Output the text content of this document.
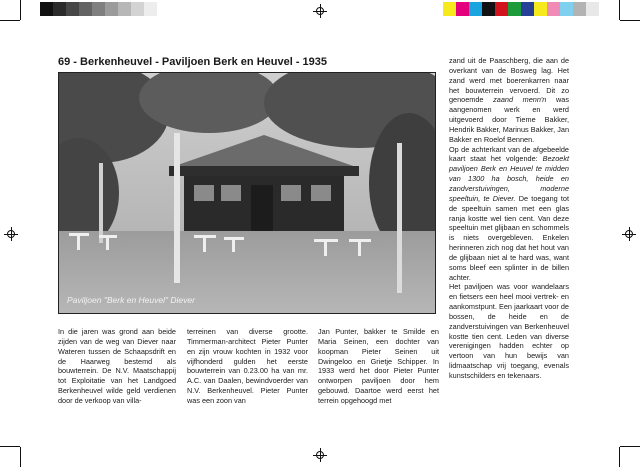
69 - Berkenheuvel - Paviljoen Berk en Heuvel - 1935
Paviljoen "Berk en Heuvel" Diever
In die jaren was grond aan beide zijden van de weg van Diever naar Wateren tussen de Schaapsdrift en de Haarweg bestemd als bouwterrein. De N.V. Maatschappij tot Exploitatie van het Landgoed Berkenheuvel wilde geld verdienen door de verkoop van villa-
terreinen van diverse grootte. Timmerman-architect Pieter Punter en zijn vrouw kochten in 1932 voor vijfhonderd gulden het eerste bouwterrein van 0.23.00 ha van mr. A.C. van Daalen, bewindvoerder van N.V. Berkenheuvel. Pieter Punter was een zoon van
Jan Punter, bakker te Smilde en Maria Seinen, een dochter van koopman Pieter Seinen uit Dwingeloo en Grietje Schipper. In 1933 werd het door Pieter Punter ontworpen paviljoen door hem gebouwd. Daartoe werd eerst het terrein opgehoogd met

zand uit de Paaschberg, die aan de overkant van de Bosweg lag. Het zand werd met boerenkarren naar het bouwterrein vervoerd. Dit zo genoemde zaand menn'n was aangenomen werk en werd uitgevoerd door Tieme Bakker, Hendrik Bakker, Marinus Bakker, Jan Bakker en Roelof Bennen.

Op de achterkant van de afgebeelde kaart staat het volgende: Bezoekt paviljoen Berk en Heuvel te midden van 1300 ha bosch, heide en zandverstuivingen, moderne speeltuin, te Diever. De toegang tot de speeltuin samen met een glas ranja kostte wel tien cent. Van deze speeltuin met glijbaan en schommels is niets overgebleven. Enkelen herinneren zich nog dat het hout van de glijbaan niet al te hard was, want soms bleef een splinter in de billen achter.

Het paviljoen was voor wandelaars en fietsers een heel mooi vertrek- en aankomstpunt. Een jaarkaart voor de bossen, de heide en de zandverstuivingen van Berkenheuvel kostte tien cent. Leden van diverse verenigingen hadden echter op vertoon van hun bewijs van lidmaatschap vrij toegang, evenals kunstschilders en tekenaars.
